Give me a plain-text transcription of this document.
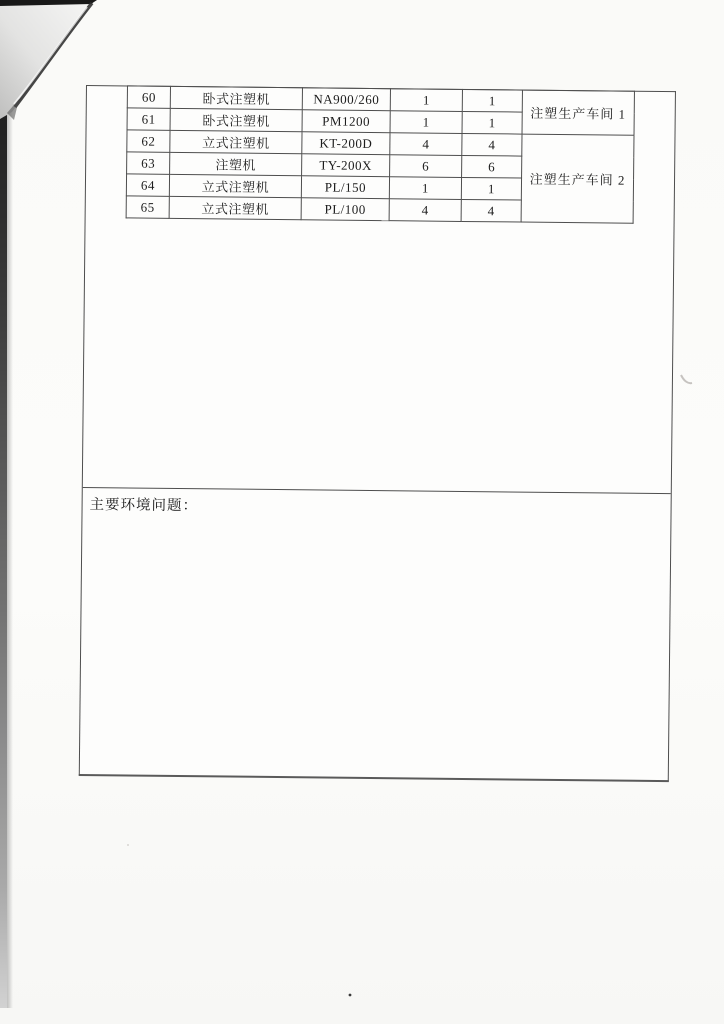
60	卧式注塑机	NA900/260	1	1	注塑生产车间 1
61	卧式注塑机	PM1200	1	1	
62	立式注塑机	KT-200D	4	4	注塑生产车间 2
63	注塑机	TY-200X	6	6	
64	立式注塑机	PL/150	1	1	
65	立式注塑机	PL/100	4	4	
主要环境问题：
